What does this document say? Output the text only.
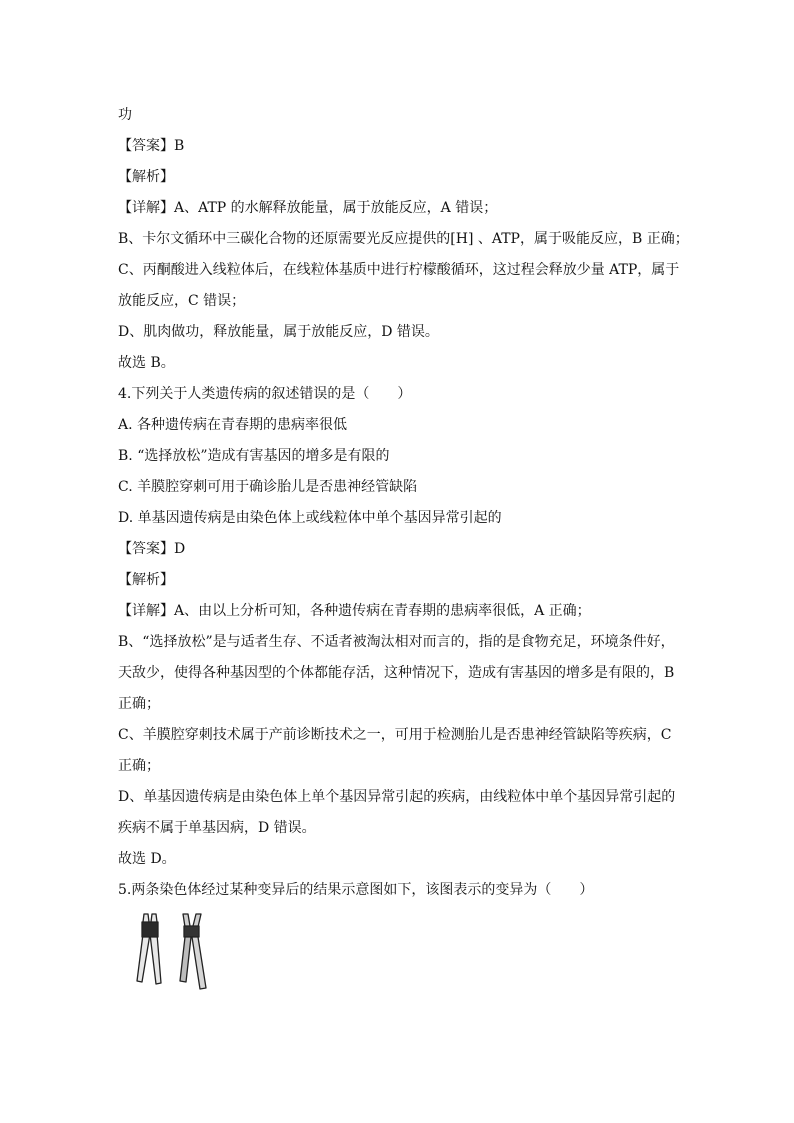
功
【答案】B
【解析】
【详解】A、ATP 的水解释放能量，属于放能反应，A 错误；
B、卡尔文循环中三碳化合物的还原需要光反应提供的[H] 、ATP，属于吸能反应，B 正确；
C、丙酮酸进入线粒体后，在线粒体基质中进行柠檬酸循环，这过程会释放少量 ATP，属于
放能反应，C 错误；
D、肌肉做功，释放能量，属于放能反应，D 错误。
故选 B。
4.下列关于人类遗传病的叙述错误的是（　　）
A. 各种遗传病在青春期的患病率很低
B. “选择放松”造成有害基因的增多是有限的
C. 羊膜腔穿刺可用于确诊胎儿是否患神经管缺陷
D. 单基因遗传病是由染色体上或线粒体中单个基因异常引起的
【答案】D
【解析】
【详解】A、由以上分析可知，各种遗传病在青春期的患病率很低，A 正确；
B、“选择放松”是与适者生存、不适者被淘汰相对而言的，指的是食物充足，环境条件好，
天敌少，使得各种基因型的个体都能存活，这种情况下，造成有害基因的增多是有限的，B
正确；
C、羊膜腔穿刺技术属于产前诊断技术之一，可用于检测胎儿是否患神经管缺陷等疾病，C
正确；
D、单基因遗传病是由染色体上单个基因异常引起的疾病，由线粒体中单个基因异常引起的
疾病不属于单基因病，D 错误。
故选 D。
5.两条染色体经过某种变异后的结果示意图如下，该图表示的变异为（　　）
